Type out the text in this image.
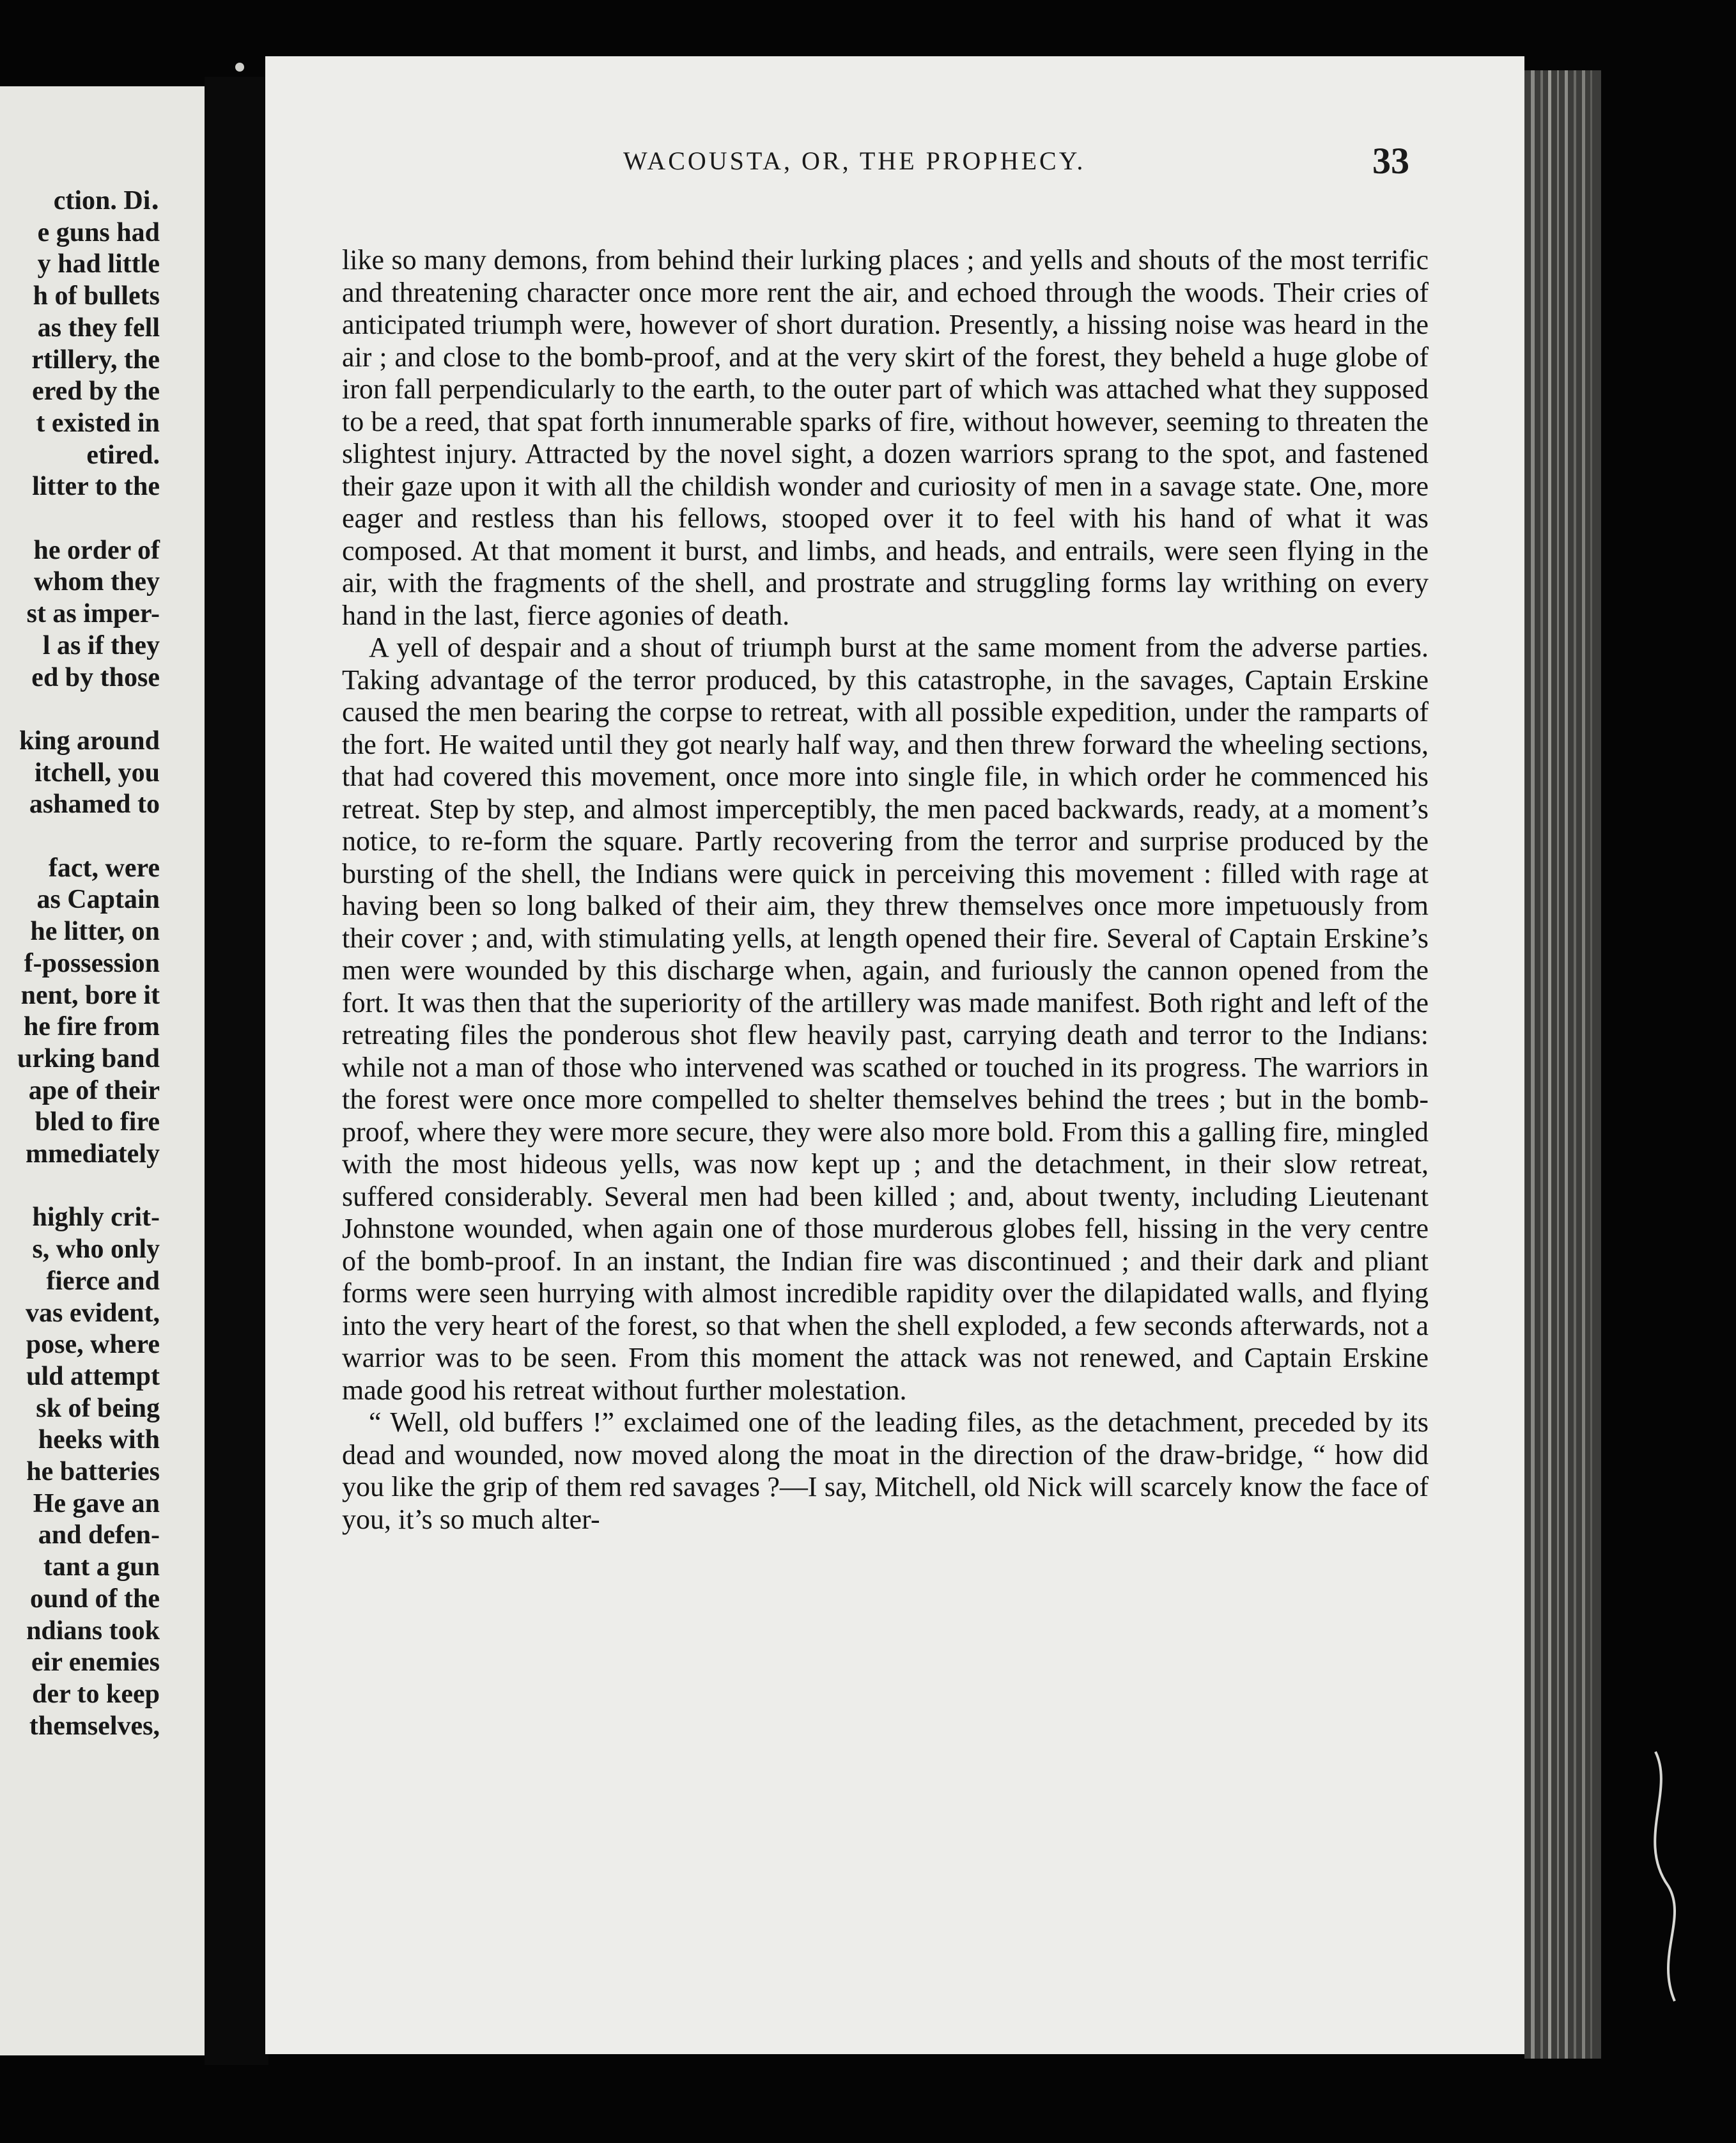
ction. Di․
e guns had
y had little
h of bullets
as they fell
rtillery, the
ered by the
t existed in
etired.
litter to the
he order of
whom they
st as imper-
l as if they
ed by those
king around
itchell, you
ashamed to
fact, were
as Captain
he litter, on
f-possession
nent, bore it
he fire from
urking band
ape of their
bled to fire
mmediately
highly crit-
s, who only
fierce and
vas evident,
pose, where
uld attempt
sk of being
heeks with
he batteries
He gave an
and defen-
tant a gun
ound of the
ndians took
eir enemies
der to keep
themselves,
WACOUSTA, OR, THE PROPHECY.	33

like so many demons, from behind their lurking places ; and yells and shouts of the most terrific and threatening character once more rent the air, and echoed through the woods. Their cries of anticipated triumph were, however of short duration. Presently, a hissing noise was heard in the air ; and close to the bomb-proof, and at the very skirt of the forest, they beheld a huge globe of iron fall perpendicularly to the earth, to the outer part of which was attached what they supposed to be a reed, that spat forth innumerable sparks of fire, without however, seeming to threaten the slightest injury. Attracted by the novel sight, a dozen warriors sprang to the spot, and fastened their gaze upon it with all the childish wonder and curiosity of men in a savage state. One, more eager and restless than his fellows, stooped over it to feel with his hand of what it was composed. At that moment it burst, and limbs, and heads, and entrails, were seen flying in the air, with the fragments of the shell, and prostrate and struggling forms lay writhing on every hand in the last, fierce agonies of death.

A yell of despair and a shout of triumph burst at the same moment from the adverse parties. Taking advantage of the terror produced, by this catastrophe, in the savages, Captain Erskine caused the men bearing the corpse to retreat, with all possible expedition, under the ramparts of the fort. He waited until they got nearly half way, and then threw forward the wheeling sections, that had covered this movement, once more into single file, in which order he commenced his retreat. Step by step, and almost imperceptibly, the men paced backwards, ready, at a moment’s notice, to re-form the square. Partly recovering from the terror and surprise produced by the bursting of the shell, the Indians were quick in perceiving this movement : filled with rage at having been so long balked of their aim, they threw themselves once more impetuously from their cover ; and, with stimulating yells, at length opened their fire. Several of Captain Erskine’s men were wounded by this discharge when, again, and furiously the cannon opened from the fort. It was then that the superiority of the artillery was made manifest. Both right and left of the retreating files the ponderous shot flew heavily past, carrying death and terror to the Indians: while not a man of those who intervened was scathed or touched in its progress. The warriors in the forest were once more compelled to shelter themselves behind the trees ; but in the bomb-proof, where they were more secure, they were also more bold. From this a galling fire, mingled with the most hideous yells, was now kept up ; and the detachment, in their slow retreat, suffered considerably. Several men had been killed ; and, about twenty, including Lieutenant Johnstone wounded, when again one of those murderous globes fell, hissing in the very centre of the bomb-proof. In an instant, the Indian fire was discontinued ; and their dark and pliant forms were seen hurrying with almost incredible rapidity over the dilapidated walls, and flying into the very heart of the forest, so that when the shell exploded, a few seconds afterwards, not a warrior was to be seen. From this moment the attack was not renewed, and Captain Erskine made good his retreat without further molestation.

“ Well, old buffers !” exclaimed one of the leading files, as the detachment, preceded by its dead and wounded, now moved along the moat in the direction of the draw-bridge, “ how did you like the grip of them red savages ?—I say, Mitchell, old Nick will scarcely know the face of you, it’s so much alter-
